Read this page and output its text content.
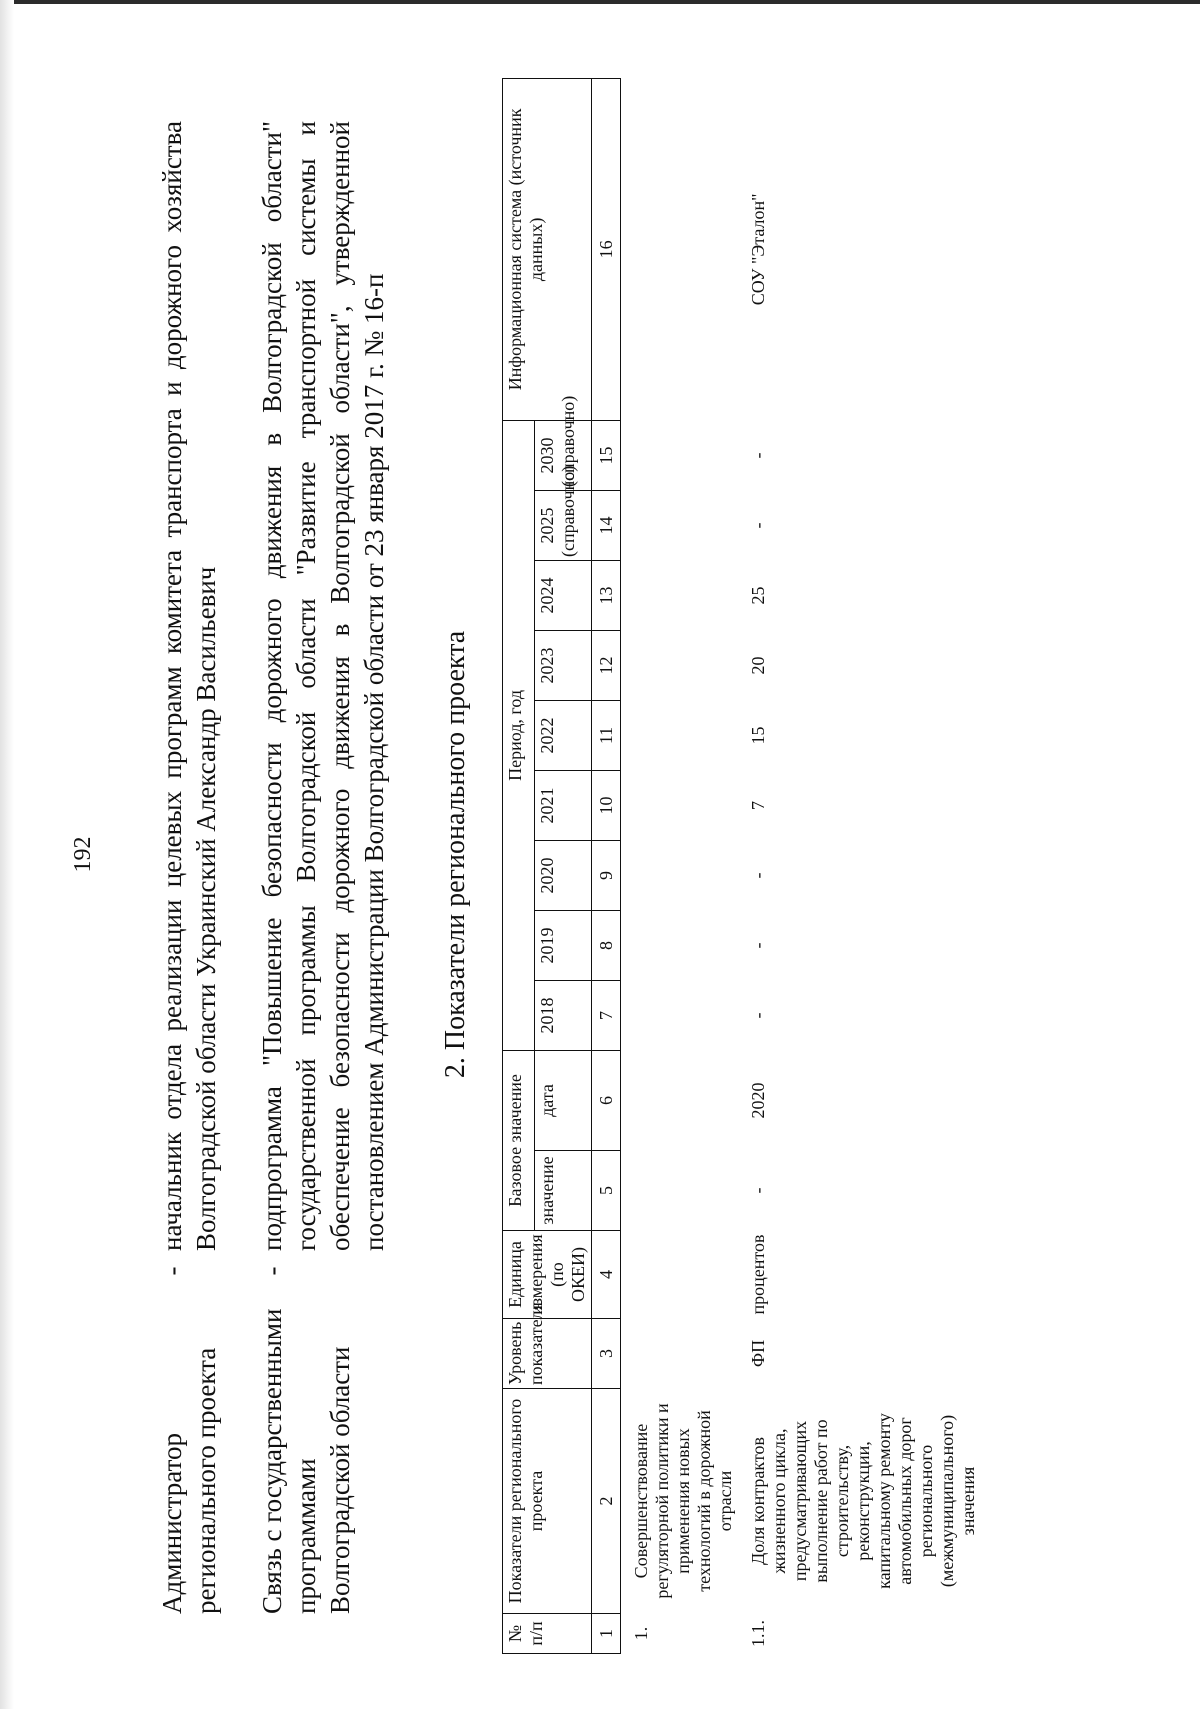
192
Администратор регионального проекта
-
начальник отдела реализации целевых программ комитета транспорта и дорожного хозяйства Волгоградской области Украинский Александр Васильевич
Связь с государственными программами Волгоградской области
-
подпрограмма "Повышение безопасности дорожного движения в Волгоградской области" государственной программы Волгоградской области "Развитие транспортной системы и обеспечение безопасности дорожного движения в Волгоградской области", утвержденной постановлением Администрации Волгоградской области от 23 января 2017 г. № 16-п 2. Показатели регионального проекта
№ п/п	Показатели регионального проекта	Уровень показателя	Единица измерения (по ОКЕИ)	Базовое значение		Период, год									Информационная система (источник данных)
				значение	дата	2018	2019	2020	2021	2022	2023	2024	2025 (справочно)	2030 (справочно)	
1	2	3	4	5	6	7	8	9	10	11	12	13	14	15	16
1.	Совершенствование регуляторной политики и применения новых технологий в дорожной отрасли														
1.1.	Доля контрактов жизненного цикла, предусматривающих выполнение работ по строительству, реконструкции, капитальному ремонту автомобильных дорог регионального (межмуниципального) значения	ФП	процентов	-	2020	-	-	-	7	15	20	25	-	-	СОУ "Эталон"
